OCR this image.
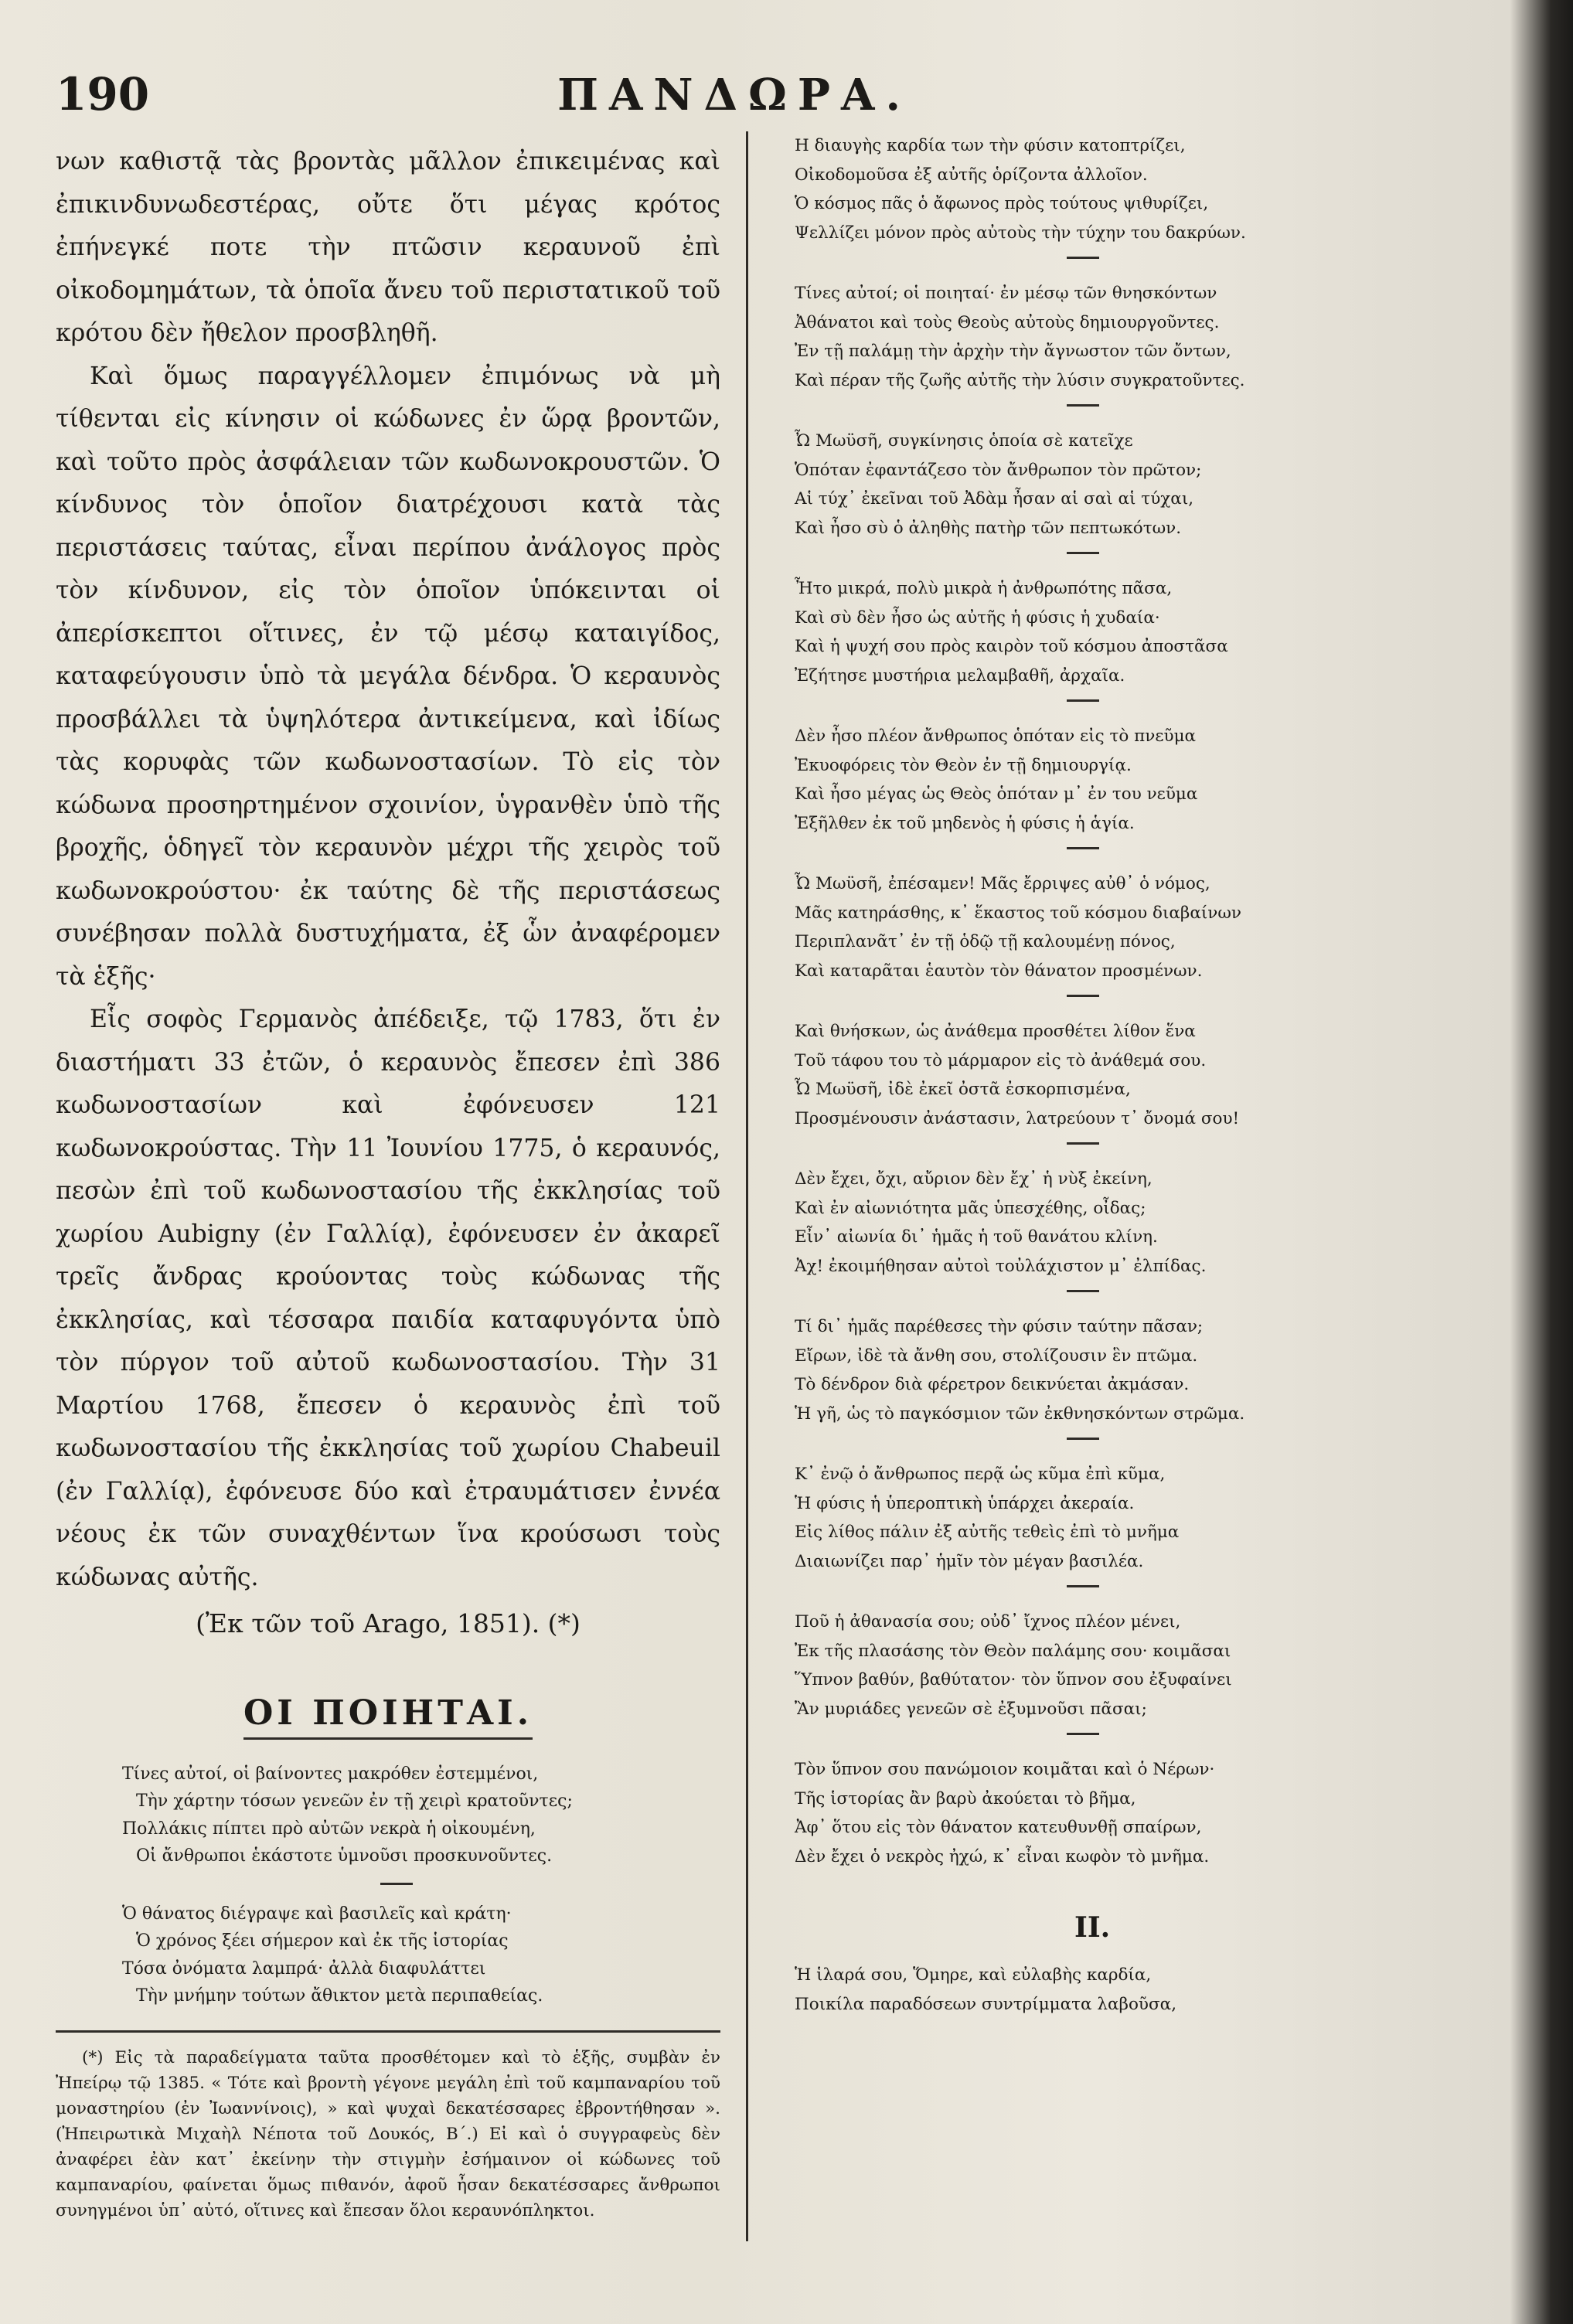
190	ΠΑΝΔΩΡΑ.

νων καθιστᾷ τὰς βροντὰς μᾶλλον ἐπικειμένας καὶ ἐπικινδυνωδεστέρας, οὔτε ὅτι μέγας κρότος ἐπήνεγκέ ποτε τὴν πτῶσιν κεραυνοῦ ἐπὶ οἰκοδομημάτων, τὰ ὁποῖα ἄνευ τοῦ περιστατικοῦ τοῦ κρότου δὲν ἤθελον προσβληθῆ.

Καὶ ὅμως παραγγέλλομεν ἐπιμόνως νὰ μὴ τίθενται εἰς κίνησιν οἱ κώδωνες ἐν ὥρᾳ βροντῶν, καὶ τοῦτο πρὸς ἀσφάλειαν τῶν κωδωνοκρουστῶν. Ὁ κίνδυνος τὸν ὁποῖον διατρέχουσι κατὰ τὰς περιστάσεις ταύτας, εἶναι περίπου ἀνάλογος πρὸς τὸν κίνδυνον, εἰς τὸν ὁποῖον ὑπόκεινται οἱ ἀπερίσκεπτοι οἵτινες, ἐν τῷ μέσῳ καταιγίδος, καταφεύγουσιν ὑπὸ τὰ μεγάλα δένδρα. Ὁ κεραυνὸς προσβάλλει τὰ ὑψηλότερα ἀντικείμενα, καὶ ἰδίως τὰς κορυφὰς τῶν κωδωνοστασίων. Τὸ εἰς τὸν κώδωνα προσηρτημένον σχοινίον, ὑγρανθὲν ὑπὸ τῆς βροχῆς, ὁδηγεῖ τὸν κεραυνὸν μέχρι τῆς χειρὸς τοῦ κωδωνοκρούστου· ἐκ ταύτης δὲ τῆς περιστάσεως συνέβησαν πολλὰ δυστυχήματα, ἐξ ὧν ἀναφέρομεν τὰ ἑξῆς·

Εἷς σοφὸς Γερμανὸς ἀπέδειξε, τῷ 1783, ὅτι ἐν διαστήματι 33 ἐτῶν, ὁ κεραυνὸς ἔπεσεν ἐπὶ 386 κωδωνοστασίων καὶ ἐφόνευσεν 121 κωδωνοκρούστας. Τὴν 11 Ἰουνίου 1775, ὁ κεραυνός, πεσὼν ἐπὶ τοῦ κωδωνοστασίου τῆς ἐκκλησίας τοῦ χωρίου Aubigny (ἐν Γαλλίᾳ), ἐφόνευσεν ἐν ἀκαρεῖ τρεῖς ἄνδρας κρούοντας τοὺς κώδωνας τῆς ἐκκλησίας, καὶ τέσσαρα παιδία καταφυγόντα ὑπὸ τὸν πύργον τοῦ αὐτοῦ κωδωνοστασίου. Τὴν 31 Μαρτίου 1768, ἔπεσεν ὁ κεραυνὸς ἐπὶ τοῦ κωδωνοστασίου τῆς ἐκκλησίας τοῦ χωρίου Chabeuil (ἐν Γαλλίᾳ), ἐφόνευσε δύο καὶ ἐτραυμάτισεν ἐννέα νέους ἐκ τῶν συναχθέντων ἵνα κρούσωσι τοὺς κώδωνας αὐτῆς.

(Ἐκ τῶν τοῦ Arago, 1851). (*)

ΟΙ ΠΟΙΗΤΑΙ.
Τίνες αὐτοί, οἱ βαίνοντες μακρόθεν ἐστεμμένοι,
Τὴν χάρτην τόσων γενεῶν ἐν τῇ χειρὶ κρατοῦντες;
Πολλάκις πίπτει πρὸ αὐτῶν νεκρὰ ἡ οἰκουμένη,
Οἱ ἄνθρωποι ἑκάστοτε ὑμνοῦσι προσκυνοῦντες.
Ὁ θάνατος διέγραψε καὶ βασιλεῖς καὶ κράτη·
Ὁ χρόνος ξέει σήμερον καὶ ἐκ τῆς ἱστορίας
Τόσα ὀνόματα λαμπρά· ἀλλὰ διαφυλάττει
Τὴν μνήμην τούτων ἄθικτον μετὰ περιπαθείας.

(*) Εἰς τὰ παραδείγματα ταῦτα προσθέτομεν καὶ τὸ ἑξῆς, συμβὰν ἐν Ἠπείρῳ τῷ 1385. « Τότε καὶ βροντὴ γέγονε μεγάλη ἐπὶ τοῦ καμπαναρίου τοῦ μοναστηρίου (ἐν Ἰωαννίνοις), » καὶ ψυχαὶ δεκατέσσαρες ἐβροντήθησαν ». (Ἠπειρωτικὰ Μιχαὴλ Νέποτα τοῦ Δουκός, Β΄.) Εἰ καὶ ὁ συγγραφεὺς δὲν ἀναφέρει ἐὰν κατ᾽ ἐκείνην τὴν στιγμὴν ἐσήμαινον οἱ κώδωνες τοῦ καμπαναρίου, φαίνεται ὅμως πιθανόν, ἀφοῦ ἦσαν δεκατέσσαρες ἄνθρωποι συνηγμένοι ὑπ᾽ αὐτό, οἵτινες καὶ ἔπεσαν ὅλοι κεραυνόπληκτοι.

Η διαυγὴς καρδία των τὴν φύσιν κατοπτρίζει,
Οἰκοδομοῦσα ἐξ αὐτῆς ὁρίζοντα ἀλλοῖον.
Ὁ κόσμος πᾶς ὁ ἄφωνος πρὸς τούτους ψιθυρίζει,
Ψελλίζει μόνον πρὸς αὐτοὺς τὴν τύχην του δακρύων.
Τίνες αὐτοί; οἱ ποιηταί· ἐν μέσῳ τῶν θνησκόντων
Ἀθάνατοι καὶ τοὺς Θεοὺς αὐτοὺς δημιουργοῦντες.
Ἐν τῇ παλάμῃ τὴν ἀρχὴν τὴν ἄγνωστον τῶν ὄντων,
Καὶ πέραν τῆς ζωῆς αὐτῆς τὴν λύσιν συγκρατοῦντες.
Ὦ Μωϋσῆ, συγκίνησις ὁποία σὲ κατεῖχε
Ὁπόταν ἐφαντάζεσο τὸν ἄνθρωπον τὸν πρῶτον;
Αἱ τύχ᾽ ἐκεῖναι τοῦ Ἀδὰμ ἦσαν αἱ σαὶ αἱ τύχαι,
Καὶ ἦσο σὺ ὁ ἀληθὴς πατὴρ τῶν πεπτωκότων.
Ἦτο μικρά, πολὺ μικρὰ ἡ ἀνθρωπότης πᾶσα,
Καὶ σὺ δὲν ἦσο ὡς αὐτῆς ἡ φύσις ἡ χυδαία·
Καὶ ἡ ψυχή σου πρὸς καιρὸν τοῦ κόσμου ἀποστᾶσα
Ἐζήτησε μυστήρια μελαμβαθῆ, ἀρχαῖα.
Δὲν ἦσο πλέον ἄνθρωπος ὁπόταν εἰς τὸ πνεῦμα
Ἐκυοφόρεις τὸν Θεὸν ἐν τῇ δημιουργίᾳ.
Καὶ ἦσο μέγας ὡς Θεὸς ὁπόταν μ᾽ ἐν του νεῦμα
Ἐξῆλθεν ἐκ τοῦ μηδενὸς ἡ φύσις ἡ ἁγία.
Ὦ Μωϋσῆ, ἐπέσαμεν! Μᾶς ἔρριψες αὐθ᾽ ὁ νόμος,
Μᾶς κατηράσθης, κ᾽ ἕκαστος τοῦ κόσμου διαβαίνων
Περιπλανᾶτ᾽ ἐν τῇ ὁδῷ τῇ καλουμένῃ πόνος,
Καὶ καταρᾶται ἑαυτὸν τὸν θάνατον προσμένων.
Καὶ θνήσκων, ὡς ἀνάθεμα προσθέτει λίθον ἕνα
Τοῦ τάφου του τὸ μάρμαρον εἰς τὸ ἀνάθεμά σου.
Ὦ Μωϋσῆ, ἰδὲ ἐκεῖ ὀστᾶ ἐσκορπισμένα,
Προσμένουσιν ἀνάστασιν, λατρεύουν τ᾽ ὄνομά σου!
Δὲν ἔχει, ὄχι, αὔριον δὲν ἔχ᾽ ἡ νὺξ ἐκείνη,
Καὶ ἐν αἰωνιότητα μᾶς ὑπεσχέθης, οἶδας;
Εἶν᾽ αἰωνία δι᾽ ἡμᾶς ἡ τοῦ θανάτου κλίνη.
Ἀχ! ἐκοιμήθησαν αὐτοὶ τοὐλάχιστον μ᾽ ἐλπίδας.
Τί δι᾽ ἡμᾶς παρέθεσες τὴν φύσιν ταύτην πᾶσαν;
Εἴρων, ἰδὲ τὰ ἄνθη σου, στολίζουσιν ἓν πτῶμα.
Τὸ δένδρον διὰ φέρετρον δεικνύεται ἀκμάσαν.
Ἡ γῆ, ὡς τὸ παγκόσμιον τῶν ἐκθνησκόντων στρῶμα.
Κ᾽ ἐνῷ ὁ ἄνθρωπος περᾷ ὡς κῦμα ἐπὶ κῦμα,
Ἡ φύσις ἡ ὑπεροπτικὴ ὑπάρχει ἀκεραία.
Εἰς λίθος πάλιν ἐξ αὐτῆς τεθεὶς ἐπὶ τὸ μνῆμα
Διαιωνίζει παρ᾽ ἡμῖν τὸν μέγαν βασιλέα.
Ποῦ ἡ ἀθανασία σου; οὐδ᾽ ἴχνος πλέον μένει,
Ἐκ τῆς πλασάσης τὸν Θεὸν παλάμης σου· κοιμᾶσαι
Ὕπνον βαθύν, βαθύτατον· τὸν ὕπνον σου ἐξυφαίνει
Ἂν μυριάδες γενεῶν σὲ ἐξυμνοῦσι πᾶσαι;
Τὸν ὕπνον σου πανώμοιον κοιμᾶται καὶ ὁ Νέρων·
Τῆς ἱστορίας ἂν βαρὺ ἀκούεται τὸ βῆμα,
Ἀφ᾽ ὅτου εἰς τὸν θάνατον κατευθυνθῇ σπαίρων,
Δὲν ἔχει ὁ νεκρὸς ἠχώ, κ᾽ εἶναι κωφὸν τὸ μνῆμα.
II.
Ἡ ἱλαρά σου, Ὅμηρε, καὶ εὐλαβὴς καρδία,
Ποικίλα παραδόσεων συντρίμματα λαβοῦσα,
